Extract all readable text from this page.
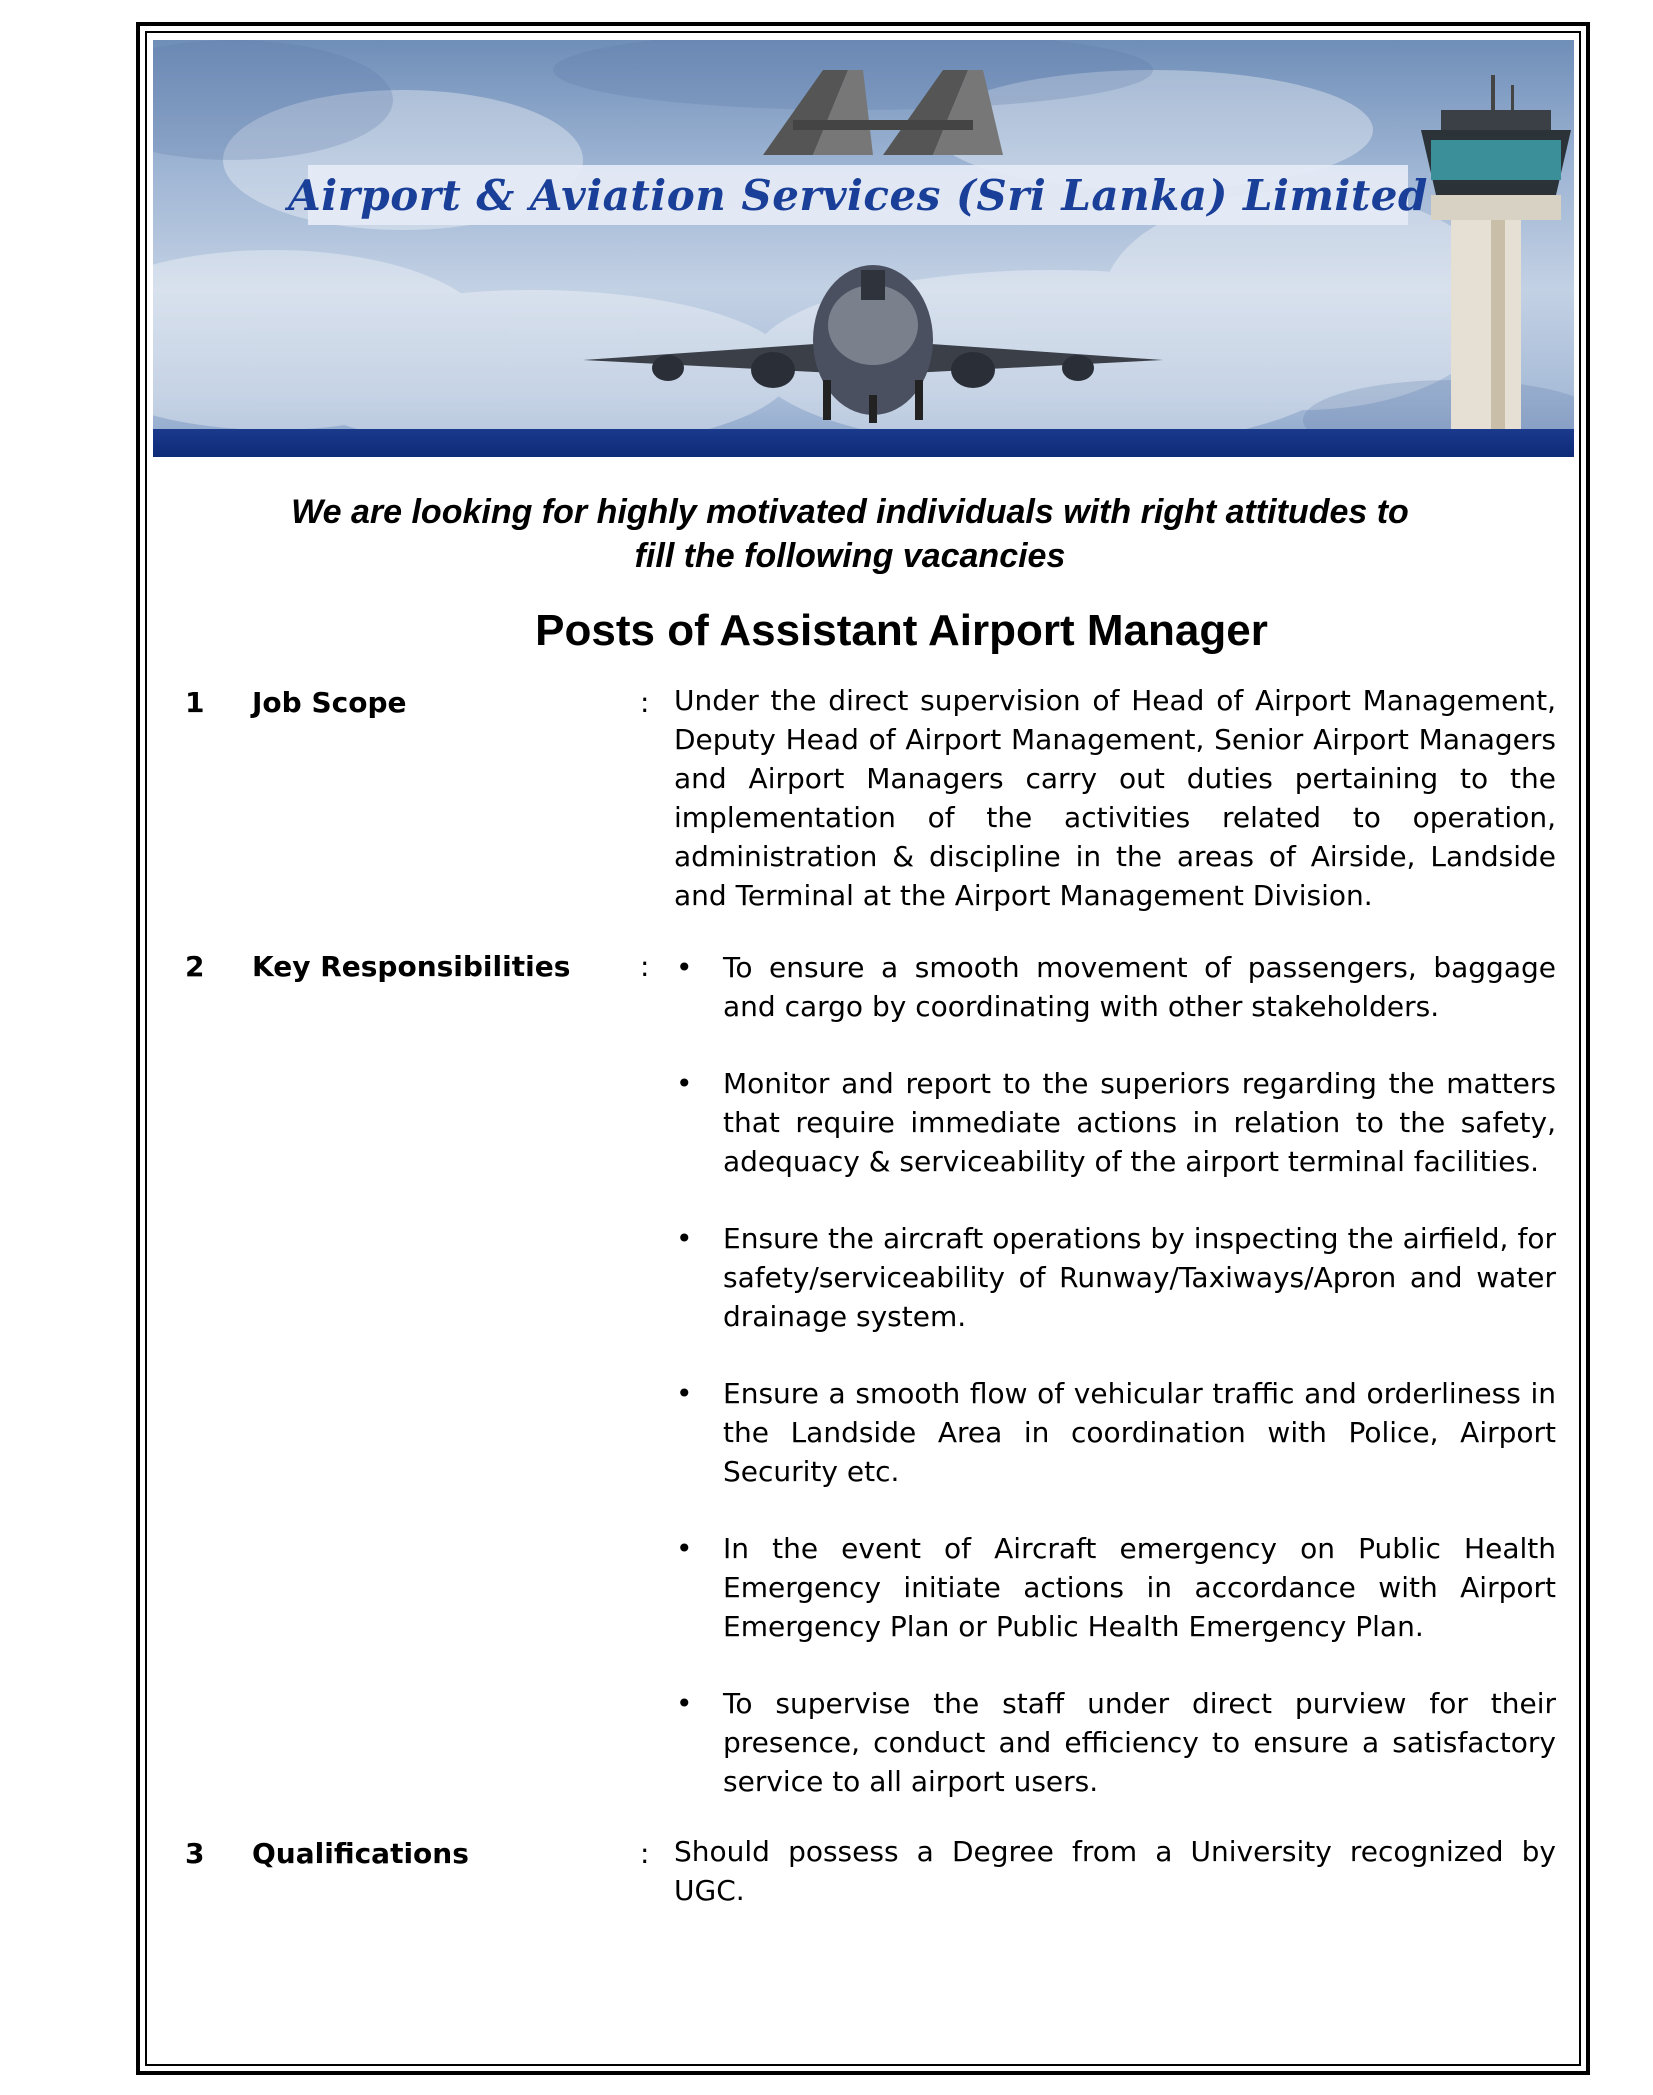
Airport & Aviation Services (Sri Lanka) Limited
We are looking for highly motivated individuals with right attitudes to
fill the following vacancies
Posts of Assistant Airport Manager
1 Job Scope	: Under the direct supervision of Head of Airport Management, Deputy Head of Airport Management, Senior Airport Managers and Airport Managers carry out duties pertaining to the implementation of the activities related to operation, administration & discipline in the areas of Airside, Landside and Terminal at the Airport Management Division.
2 Key Responsibilities : • To ensure a smooth movement of passengers, baggage and cargo by coordinating with other stakeholders.
• Monitor and report to the superiors regarding the matters that require immediate actions in relation to the safety, adequacy & serviceability of the airport terminal facilities.
• Ensure the aircraft operations by inspecting the airfield, for safety/serviceability of Runway/Taxiways/Apron and water drainage system.
• Ensure a smooth flow of vehicular traffic and orderliness in the Landside Area in coordination with Police, Airport Security etc.
• In the event of Aircraft emergency on Public Health Emergency initiate actions in accordance with Airport Emergency Plan or Public Health Emergency Plan.
• To supervise the staff under direct purview for their presence, conduct and efficiency to ensure a satisfactory service to all airport users.
3 Qualifications	: Should possess a Degree from a University recognized by UGC.
